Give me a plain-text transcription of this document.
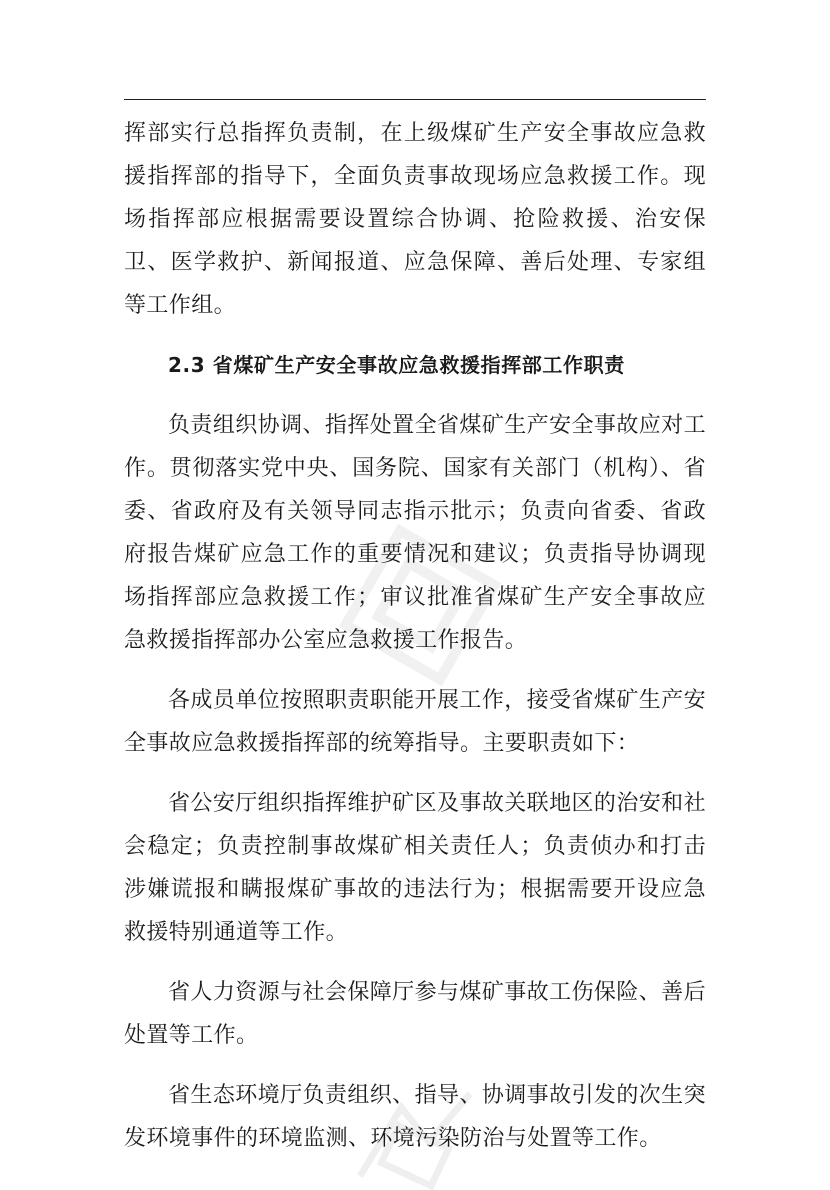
挥部实行总指挥负责制，在上级煤矿生产安全事故应急救援指挥部的指导下，全面负责事故现场应急救援工作。现场指挥部应根据需要设置综合协调、抢险救援、治安保卫、医学救护、新闻报道、应急保障、善后处理、专家组等工作组。

2.3 省煤矿生产安全事故应急救援指挥部工作职责

负责组织协调、指挥处置全省煤矿生产安全事故应对工作。贯彻落实党中央、国务院、国家有关部门（机构）、省委、省政府及有关领导同志指示批示；负责向省委、省政府报告煤矿应急工作的重要情况和建议；负责指导协调现场指挥部应急救援工作；审议批准省煤矿生产安全事故应急救援指挥部办公室应急救援工作报告。

各成员单位按照职责职能开展工作，接受省煤矿生产安全事故应急救援指挥部的统筹指导。主要职责如下：

省公安厅组织指挥维护矿区及事故关联地区的治安和社会稳定；负责控制事故煤矿相关责任人；负责侦办和打击涉嫌谎报和瞒报煤矿事故的违法行为；根据需要开设应急救援特别通道等工作。

省人力资源与社会保障厅参与煤矿事故工伤保险、善后处置等工作。

省生态环境厅负责组织、指导、协调事故引发的次生突发环境事件的环境监测、环境污染防治与处置等工作。
